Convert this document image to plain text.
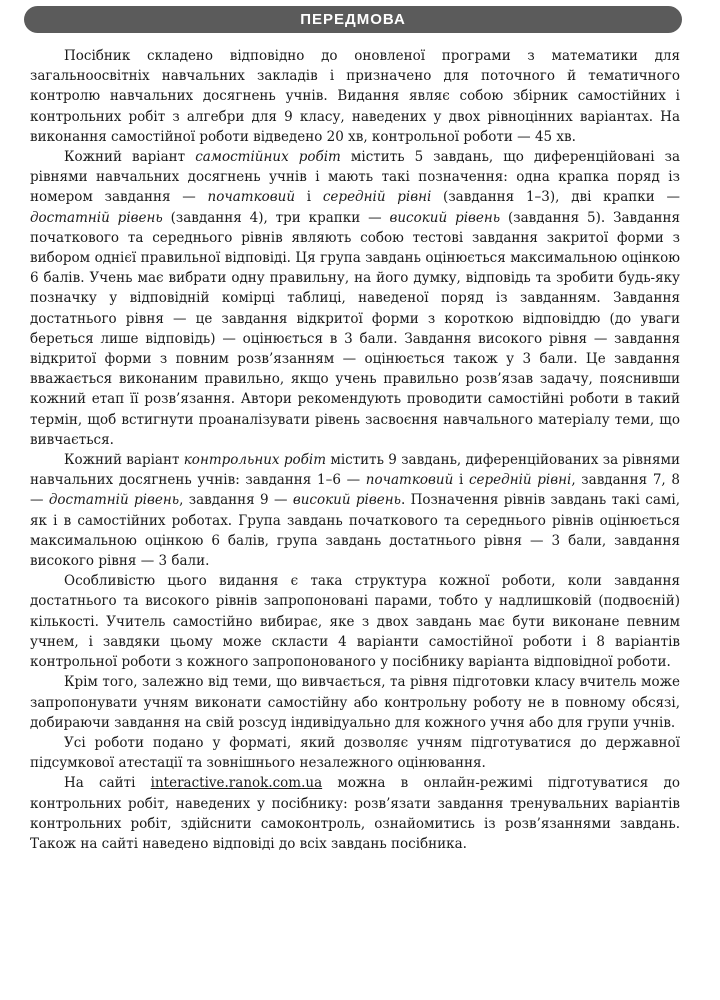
ПЕРЕДМОВА

Посібник складено відповідно до оновленої програми з математики для загальноосвітніх навчальних закладів і призначено для поточного й тематичного контролю навчальних досягнень учнів. Видання являє собою збірник самостійних і контрольних робіт з алгебри для 9 класу, наведених у двох рівноцінних варіантах. На виконання самостійної роботи відведено 20 хв, контрольної роботи — 45 хв.

Кожний варіант самостійних робіт містить 5 завдань, що диференційовані за рівнями навчальних досягнень учнів і мають такі позначення: одна крапка поряд із номером завдання — початковий і середній рівні (завдання 1–3), дві крапки — достатній рівень (завдання 4), три крапки — високий рівень (завдання 5). Завдання початкового та середнього рівнів являють собою тестові завдання закритої форми з вибором однієї правильної відповіді. Ця група завдань оцінюється максимальною оцінкою 6 балів. Учень має вибрати одну правильну, на його думку, відповідь та зробити будь-яку позначку у відповідній комірці таблиці, наведеної поряд із завданням. Завдання достатнього рівня — це завдання відкритої форми з короткою відповіддю (до уваги береться лише відповідь) — оцінюється в 3 бали. Завдання високого рівня — завдання відкритої форми з повним розв’язанням — оцінюється також у 3 бали. Це завдання вважається виконаним правильно, якщо учень правильно розв’язав задачу, пояснивши кожний етап її розв’язання. Автори рекомендують проводити самостійні роботи в такий термін, щоб встигнути проаналізувати рівень засвоєння навчального матеріалу теми, що вивчається.

Кожний варіант контрольних робіт містить 9 завдань, диференційованих за рівнями навчальних досягнень учнів: завдання 1–6 — початковий і середній рівні, завдання 7, 8 — достатній рівень, завдання 9 — високий рівень. Позначення рівнів завдань такі самі, як і в самостійних роботах. Група завдань початкового та середнього рівнів оцінюється максимальною оцінкою 6 балів, група завдань достатнього рівня — 3 бали, завдання високого рівня — 3 бали.

Особливістю цього видання є така структура кожної роботи, коли завдання достатнього та високого рівнів запропоновані парами, тобто у надлишковій (подвоєній) кількості. Учитель самостійно вибирає, яке з двох завдань має бути виконане певним учнем, і завдяки цьому може скласти 4 варіанти самостійної роботи і 8 варіантів контрольної роботи з кожного запропонованого у посібнику варіанта відповідної роботи.

Крім того, залежно від теми, що вивчається, та рівня підготовки класу вчитель може запропонувати учням виконати самостійну або контрольну роботу не в повному обсязі, добираючи завдання на свій розсуд індивідуально для кожного учня або для групи учнів.

Усі роботи подано у форматі, який дозволяє учням підготуватися до державної підсумкової атестації та зовнішнього незалежного оцінювання.

На сайті interactive.ranok.com.ua можна в онлайн-режимі підготуватися до контрольних робіт, наведених у посібнику: розв’язати завдання тренувальних варіантів контрольних робіт, здійснити самоконтроль, ознайомитись із розв’язаннями завдань. Також на сайті наведено відповіді до всіх завдань посібника.
